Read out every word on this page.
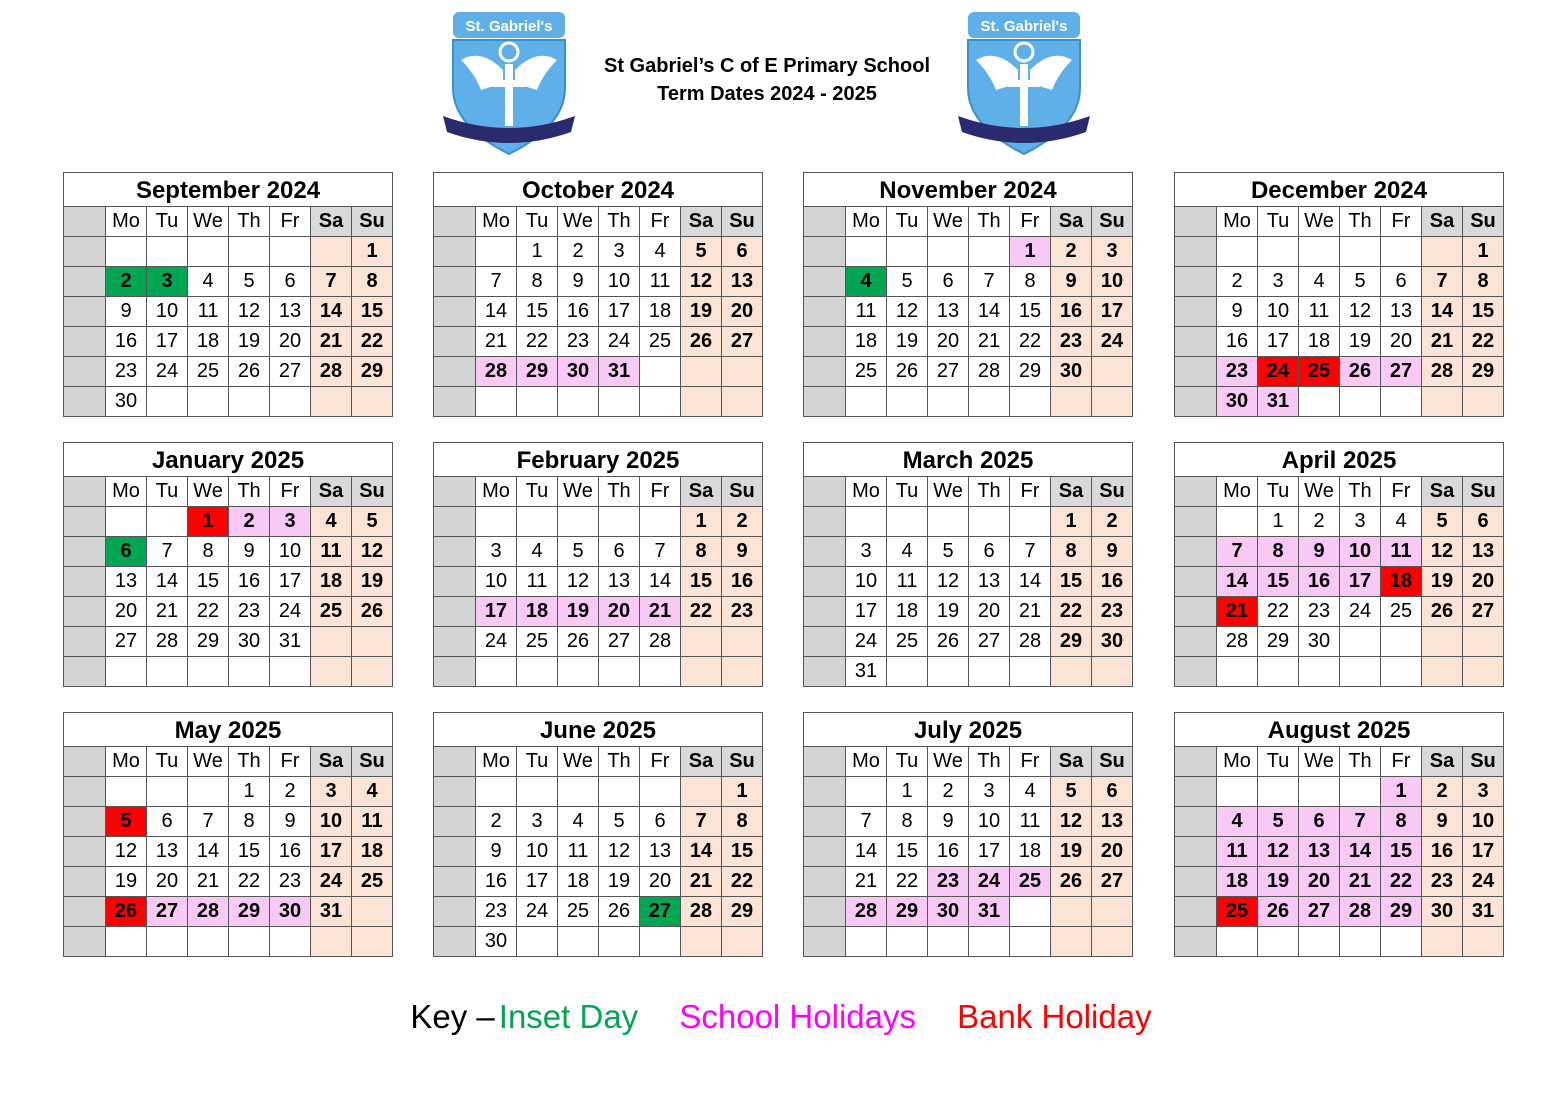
St. Gabriel's	St. Gabriel's
St Gabriel’s C of E Primary School
Term Dates 2024 - 2025
September 2024
	Mo	Tu	We	Th	Fr	Sa	Su
							1
	2	3	4	5	6	7	8
	9	10	11	12	13	14	15
	16	17	18	19	20	21	22
	23	24	25	26	27	28	29
	30						
October 2024
	Mo	Tu	We	Th	Fr	Sa	Su
		1	2	3	4	5	6
	7	8	9	10	11	12	13
	14	15	16	17	18	19	20
	21	22	23	24	25	26	27
	28	29	30	31			

November 2024
	Mo	Tu	We	Th	Fr	Sa	Su
					1	2	3
	4	5	6	7	8	9	10
	11	12	13	14	15	16	17
	18	19	20	21	22	23	24
	25	26	27	28	29	30	

December 2024
	Mo	Tu	We	Th	Fr	Sa	Su
							1
	2	3	4	5	6	7	8
	9	10	11	12	13	14	15
	16	17	18	19	20	21	22
	23	24	25	26	27	28	29
	30	31					
January 2025
	Mo	Tu	We	Th	Fr	Sa	Su
			1	2	3	4	5
	6	7	8	9	10	11	12
	13	14	15	16	17	18	19
	20	21	22	23	24	25	26
	27	28	29	30	31		

February 2025
	Mo	Tu	We	Th	Fr	Sa	Su
						1	2
	3	4	5	6	7	8	9
	10	11	12	13	14	15	16
	17	18	19	20	21	22	23
	24	25	26	27	28		

March 2025
	Mo	Tu	We	Th	Fr	Sa	Su
						1	2
	3	4	5	6	7	8	9
	10	11	12	13	14	15	16
	17	18	19	20	21	22	23
	24	25	26	27	28	29	30
	31						
April 2025
	Mo	Tu	We	Th	Fr	Sa	Su
		1	2	3	4	5	6
	7	8	9	10	11	12	13
	14	15	16	17	18	19	20
	21	22	23	24	25	26	27
	28	29	30				

May 2025
	Mo	Tu	We	Th	Fr	Sa	Su
				1	2	3	4
	5	6	7	8	9	10	11
	12	13	14	15	16	17	18
	19	20	21	22	23	24	25
	26	27	28	29	30	31	

June 2025
	Mo	Tu	We	Th	Fr	Sa	Su
							1
	2	3	4	5	6	7	8
	9	10	11	12	13	14	15
	16	17	18	19	20	21	22
	23	24	25	26	27	28	29
	30						
July 2025
	Mo	Tu	We	Th	Fr	Sa	Su
		1	2	3	4	5	6
	7	8	9	10	11	12	13
	14	15	16	17	18	19	20
	21	22	23	24	25	26	27
	28	29	30	31			

August 2025
	Mo	Tu	We	Th	Fr	Sa	Su
					1	2	3
	4	5	6	7	8	9	10
	11	12	13	14	15	16	17
	18	19	20	21	22	23	24
	25	26	27	28	29	30	31

Key – Inset Day School Holidays Bank Holiday
